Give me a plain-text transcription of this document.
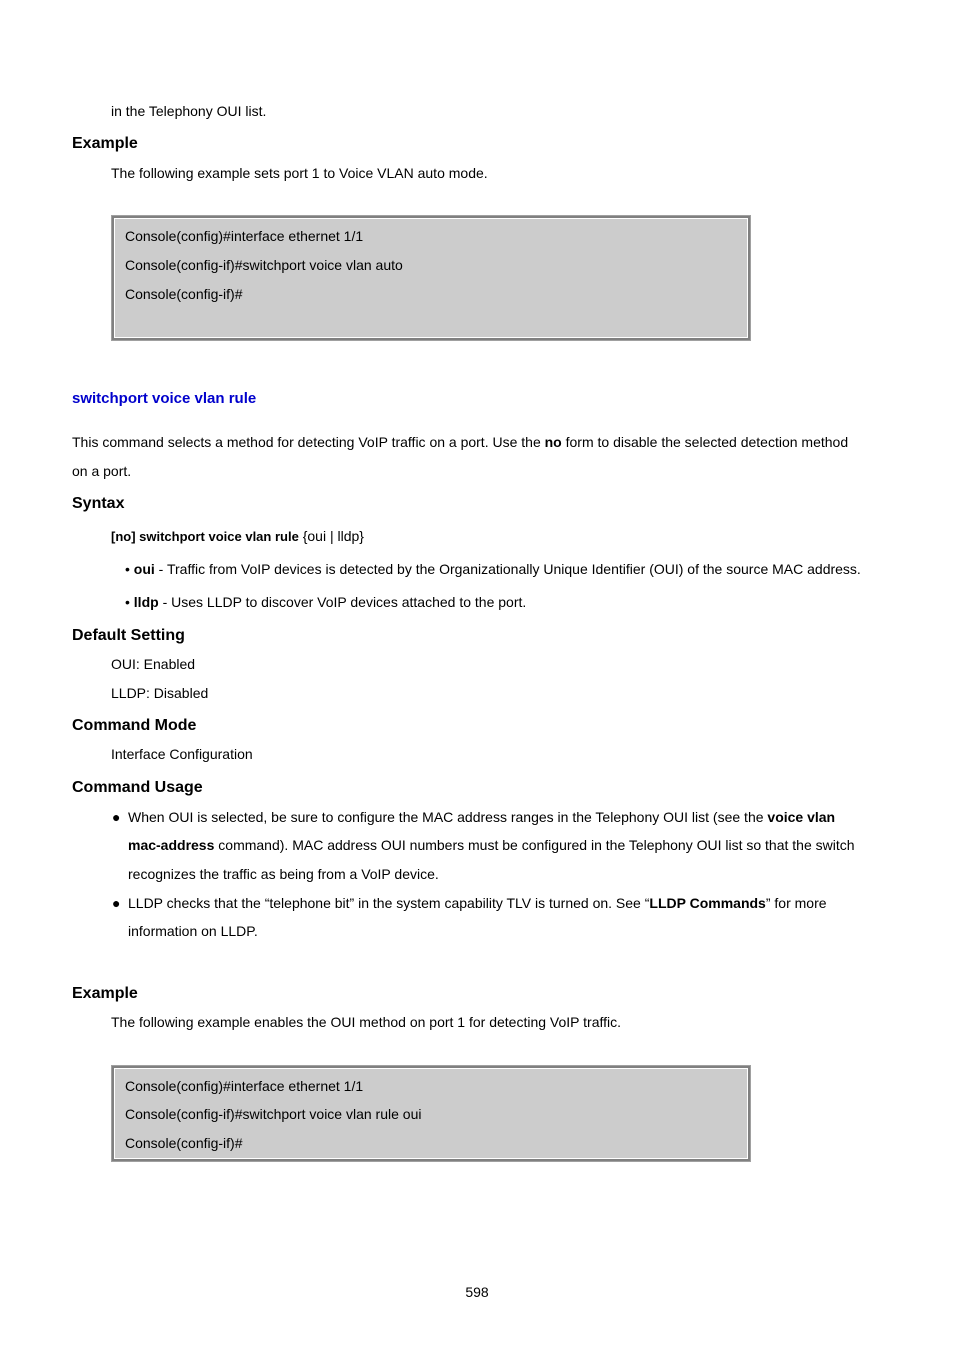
in the Telephony OUI list.
Example
The following example sets port 1 to Voice VLAN auto mode.
Console(config)#interface ethernet 1/1
Console(config-if)#switchport voice vlan auto
Console(config-if)#
switchport voice vlan rule
This command selects a method for detecting VoIP traffic on a port. Use the no form to disable the selected detection method
on a port.
Syntax
[no] switchport voice vlan rule {oui | lldp}
• oui - Traffic from VoIP devices is detected by the Organizationally Unique Identifier (OUI) of the source MAC address.
• lldp - Uses LLDP to discover VoIP devices attached to the port.
Default Setting
OUI: Enabled
LLDP: Disabled
Command Mode
Interface Configuration
Command Usage
● When OUI is selected, be sure to configure the MAC address ranges in the Telephony OUI list (see the voice vlan
mac-address command). MAC address OUI numbers must be configured in the Telephony OUI list so that the switch
recognizes the traffic as being from a VoIP device.
● LLDP checks that the “telephone bit” in the system capability TLV is turned on. See “LLDP Commands” for more
information on LLDP.
Example
The following example enables the OUI method on port 1 for detecting VoIP traffic.
Console(config)#interface ethernet 1/1
Console(config-if)#switchport voice vlan rule oui
Console(config-if)#
598
